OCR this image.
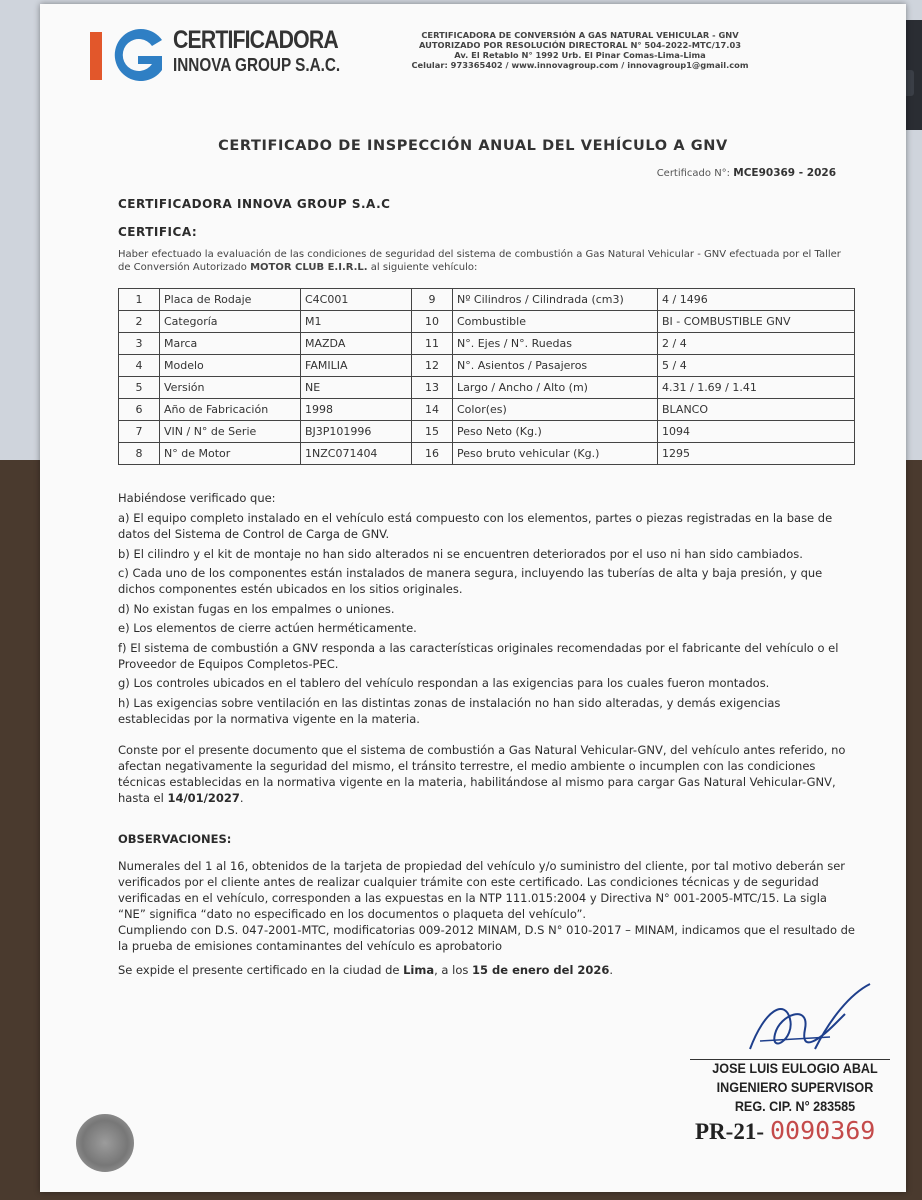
CERTIFICADORA
INNOVA GROUP S.A.C.
CERTIFICADORA DE CONVERSIÓN A GAS NATURAL VEHICULAR - GNV
AUTORIZADO POR RESOLUCIÓN DIRECTORAL N° 504-2022-MTC/17.03
Av. El Retablo N° 1992 Urb. El Pinar Comas-Lima-Lima
Celular: 973365402 / www.innovagroup.com / innovagroup1@gmail.com
CERTIFICADO DE INSPECCIÓN ANUAL DEL VEHÍCULO A GNV
Certificado N°: MCE90369 - 2026
CERTIFICADORA INNOVA GROUP S.A.C
CERTIFICA:
Haber efectuado la evaluación de las condiciones de seguridad del sistema de combustión a Gas Natural Vehicular - GNV efectuada por el Taller de Conversión Autorizado MOTOR CLUB E.I.R.L. al siguiente vehículo:
1	Placa de Rodaje	C4C001	9	Nº Cilindros / Cilindrada (cm3)	4 / 1496
2	Categoría	M1	10	Combustible	BI - COMBUSTIBLE GNV
3	Marca	MAZDA	11	N°. Ejes / N°. Ruedas	2 / 4
4	Modelo	FAMILIA	12	N°. Asientos / Pasajeros	5 / 4
5	Versión	NE	13	Largo / Ancho / Alto (m)	4.31 / 1.69 / 1.41
6	Año de Fabricación	1998	14	Color(es)	BLANCO
7	VIN / N° de Serie	BJ3P101996	15	Peso Neto (Kg.)	1094
8	N° de Motor	1NZC071404	16	Peso bruto vehicular (Kg.)	1295
Habiéndose verificado que:

a) El equipo completo instalado en el vehículo está compuesto con los elementos, partes o piezas registradas en la base de datos del Sistema de Control de Carga de GNV.

b) El cilindro y el kit de montaje no han sido alterados ni se encuentren deteriorados por el uso ni han sido cambiados.

c) Cada uno de los componentes están instalados de manera segura, incluyendo las tuberías de alta y baja presión, y que dichos componentes estén ubicados en los sitios originales.

d) No existan fugas en los empalmes o uniones.

e) Los elementos de cierre actúen herméticamente.

f) El sistema de combustión a GNV responda a las características originales recomendadas por el fabricante del vehículo o el Proveedor de Equipos Completos-PEC.

g) Los controles ubicados en el tablero del vehículo respondan a las exigencias para los cuales fueron montados.

h) Las exigencias sobre ventilación en las distintas zonas de instalación no han sido alteradas, y demás exigencias establecidas por la normativa vigente en la materia.

Conste por el presente documento que el sistema de combustión a Gas Natural Vehicular-GNV, del vehículo antes referido, no afectan negativamente la seguridad del mismo, el tránsito terrestre, el medio ambiente o incumplen con las condiciones técnicas establecidas en la normativa vigente en la materia, habilitándose al mismo para cargar Gas Natural Vehicular-GNV, hasta el 14/01/2027.
OBSERVACIONES:
Numerales del 1 al 16, obtenidos de la tarjeta de propiedad del vehículo y/o suministro del cliente, por tal motivo deberán ser verificados por el cliente antes de realizar cualquier trámite con este certificado. Las condiciones técnicas y de seguridad verificadas en el vehículo, corresponden a las expuestas en la NTP 111.015:2004 y Directiva N° 001-2005-MTC/15. La sigla “NE” significa “dato no especificado en los documentos o plaqueta del vehículo”.
Cumpliendo con D.S. 047-2001-MTC, modificatorias 009-2012 MINAM, D.S N° 010-2017 – MINAM, indicamos que el resultado de la prueba de emisiones contaminantes del vehículo es aprobatorio
Se expide el presente certificado en la ciudad de Lima, a los 15 de enero del 2026.
JOSE LUIS EULOGIO ABAL
INGENIERO SUPERVISOR
REG. CIP. N° 283585
PR-21- 0090369
